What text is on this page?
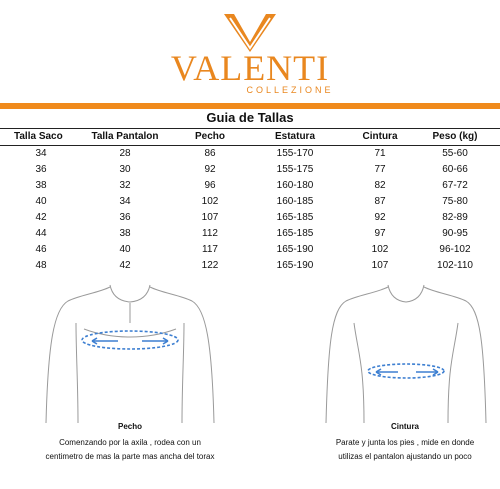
VALENTI
COLLEZIONE
Guia de Tallas
Talla Saco	Talla Pantalon	Pecho	Estatura	Cintura	Peso (kg)
34	28	86	155-170	71	55-60
36	30	92	155-175	77	60-66
38	32	96	160-180	82	67-72
40	34	102	160-185	87	75-80
42	36	107	165-185	92	82-89
44	38	112	165-185	97	90-95
46	40	117	165-190	102	96-102
48	42	122	165-190	107	102-110
Pecho
Comenzando por la axila , rodea con un
centimetro de mas la parte mas ancha del torax
Cintura
Parate y junta los pies , mide en donde
utilizas el pantalon ajustando un poco
